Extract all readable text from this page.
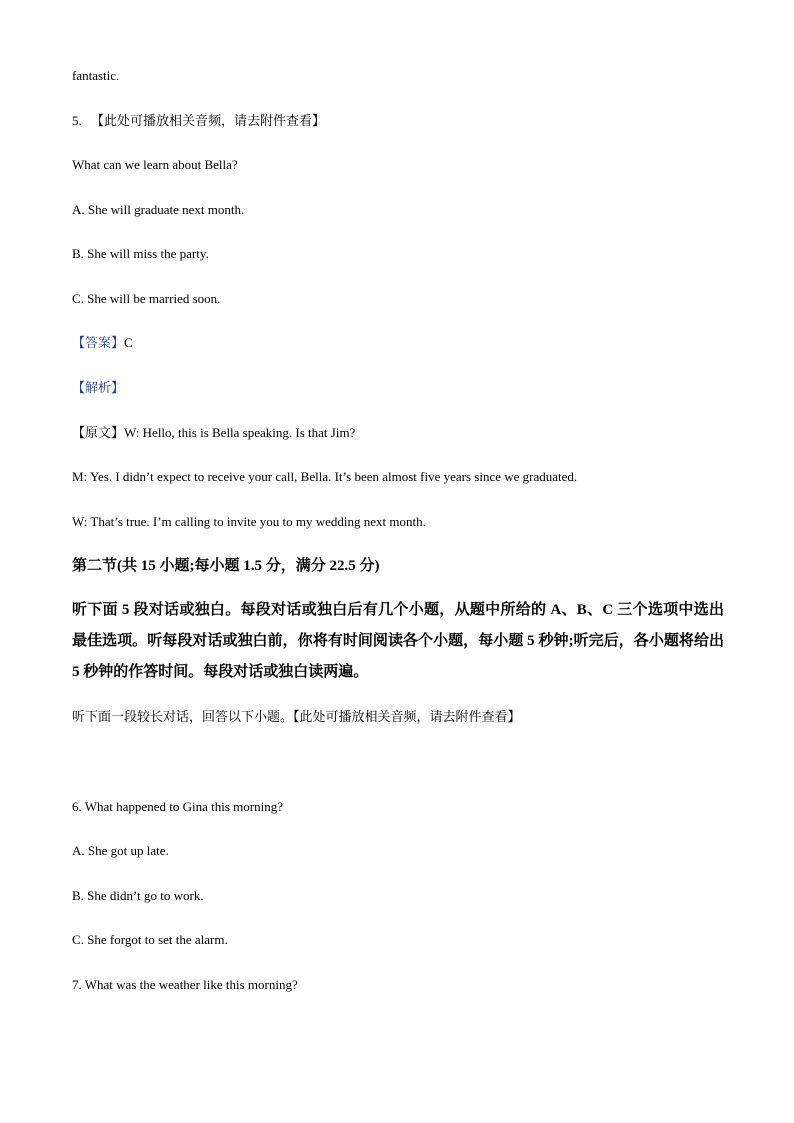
fantastic.
5. 【此处可播放相关音频，请去附件查看】
What can we learn about Bella?
A. She will graduate next month.
B. She will miss the party.
C. She will be married soon.
【答案】C
【解析】
【原文】W: Hello, this is Bella speaking. Is that Jim?
M: Yes. I didn’t expect to receive your call, Bella. It’s been almost five years since we graduated.
W: That’s true. I’m calling to invite you to my wedding next month.
第二节(共 15 小题;每小题 1.5 分，满分 22.5 分)
听下面 5 段对话或独白。每段对话或独白后有几个小题，从题中所给的 A、B、C 三个选项中选出最佳选项。听每段对话或独白前，你将有时间阅读各个小题，每小题 5 秒钟;听完后，各小题将给出 5 秒钟的作答时间。每段对话或独白读两遍。
听下面一段较长对话，回答以下小题。【此处可播放相关音频，请去附件查看】
6. What happened to Gina this morning?
A. She got up late.
B. She didn’t go to work.
C. She forgot to set the alarm.
7. What was the weather like this morning?
